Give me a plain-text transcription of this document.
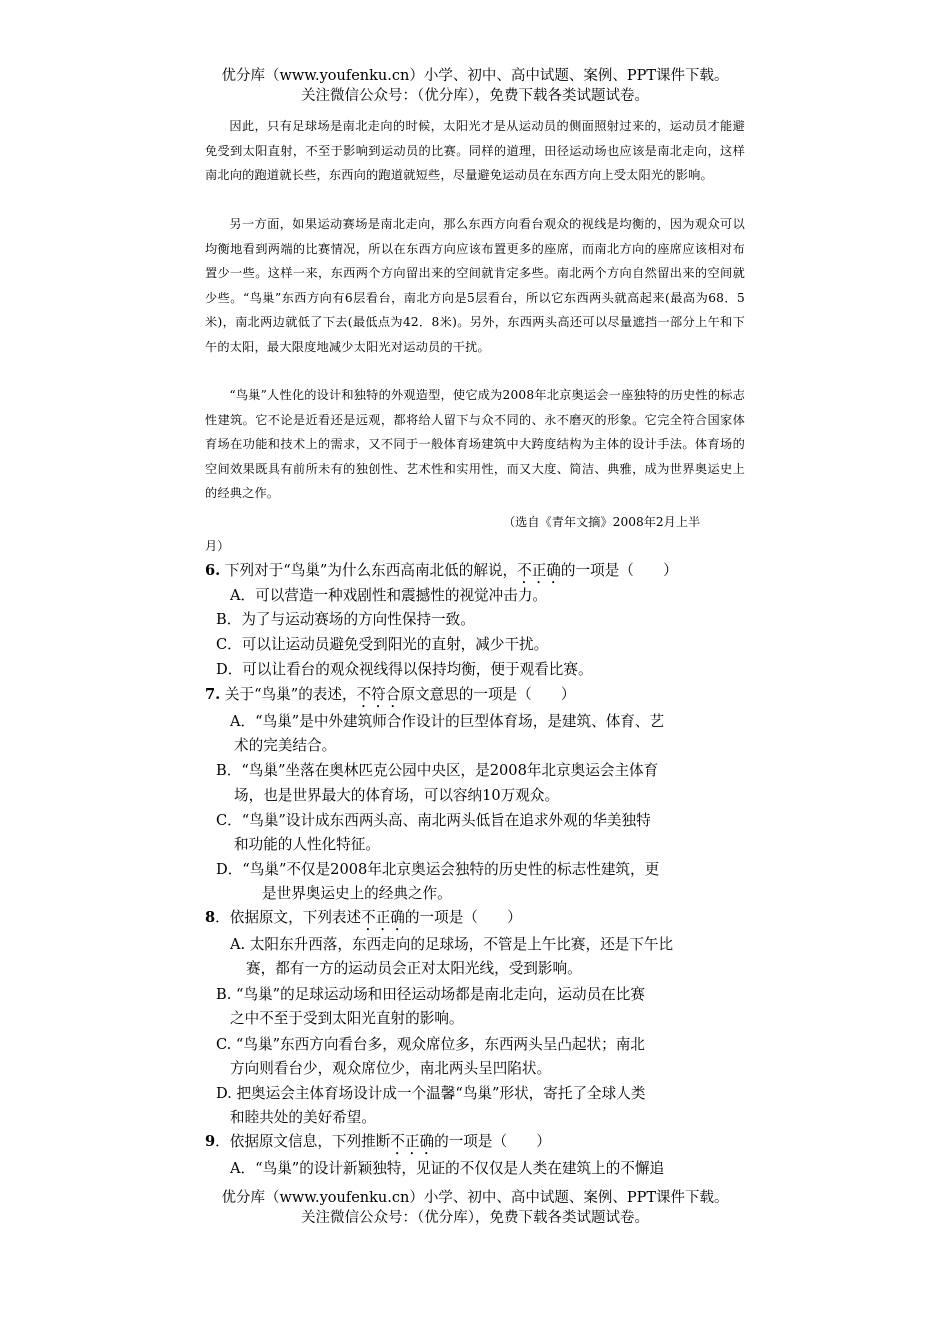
优分库（www.youfenku.cn）小学、初中、高中试题、案例、PPT课件下载。
关注微信公众号：（优分库），免费下载各类试题试卷。
因此，只有足球场是南北走向的时候，太阳光才是从运动员的侧面照射过来的，运动员才能避免受到太阳直射，不至于影响到运动员的比赛。同样的道理，田径运动场也应该是南北走向，这样南北向的跑道就长些，东西向的跑道就短些，尽量避免运动员在东西方向上受太阳光的影响。
另一方面，如果运动赛场是南北走向，那么东西方向看台观众的视线是均衡的，因为观众可以均衡地看到两端的比赛情况，所以在东西方向应该布置更多的座席，而南北方向的座席应该相对布置少一些。这样一来，东西两个方向留出来的空间就肯定多些。南北两个方向自然留出来的空间就少些。“鸟巢”东西方向有6层看台，南北方向是5层看台，所以它东西两头就高起来(最高为68．5米)，南北两边就低了下去(最低点为42．8米)。另外，东西两头高还可以尽量遮挡一部分上午和下午的太阳，最大限度地减少太阳光对运动员的干扰。
“鸟巢”人性化的设计和独特的外观造型，使它成为2008年北京奥运会一座独特的历史性的标志性建筑。它不论是近看还是远观，都将给人留下与众不同的、永不磨灭的形象。它完全符合国家体育场在功能和技术上的需求，又不同于一般体育场建筑中大跨度结构为主体的设计手法。体育场的空间效果既具有前所未有的独创性、艺术性和实用性，而又大度、简洁、典雅，成为世界奥运史上的经典之作。
（选自《青年文摘》2008年2月上半
月）
6. 下列对于“鸟巢”为什么东西高南北低的解说，不正确的一项是（　　）
A．可以营造一种戏剧性和震撼性的视觉冲击力。
B．为了与运动赛场的方向性保持一致。
C．可以让运动员避免受到阳光的直射，减少干扰。
D．可以让看台的观众视线得以保持均衡，便于观看比赛。
7. 关于“鸟巢”的表述，不符合原文意思的一项是（　　）
A．“鸟巢”是中外建筑师合作设计的巨型体育场，是建筑、体育、艺
术的完美结合。
B．“鸟巢”坐落在奥林匹克公园中央区，是2008年北京奥运会主体育
场，也是世界最大的体育场，可以容纳10万观众。
C．“鸟巢”设计成东西两头高、南北两头低旨在追求外观的华美独特
和功能的人性化特征。
D．“鸟巢”不仅是2008年北京奥运会独特的历史性的标志性建筑，更
是世界奥运史上的经典之作。
8．依据原文，下列表述不正确的一项是（　　）
A. 太阳东升西落，东西走向的足球场，不管是上午比赛，还是下午比
赛，都有一方的运动员会正对太阳光线，受到影响。
B. “鸟巢”的足球运动场和田径运动场都是南北走向，运动员在比赛
之中不至于受到太阳光直射的影响。
C. “鸟巢”东西方向看台多，观众席位多，东西两头呈凸起状；南北
方向则看台少，观众席位少，南北两头呈凹陷状。
D. 把奥运会主体育场设计成一个温馨“鸟巢”形状，寄托了全球人类
和睦共处的美好希望。
9．依据原文信息，下列推断不正确的一项是（　　）
A．“鸟巢”的设计新颖独特，见证的不仅仅是人类在建筑上的不懈追
优分库（www.youfenku.cn）小学、初中、高中试题、案例、PPT课件下载。
关注微信公众号：（优分库），免费下载各类试题试卷。
